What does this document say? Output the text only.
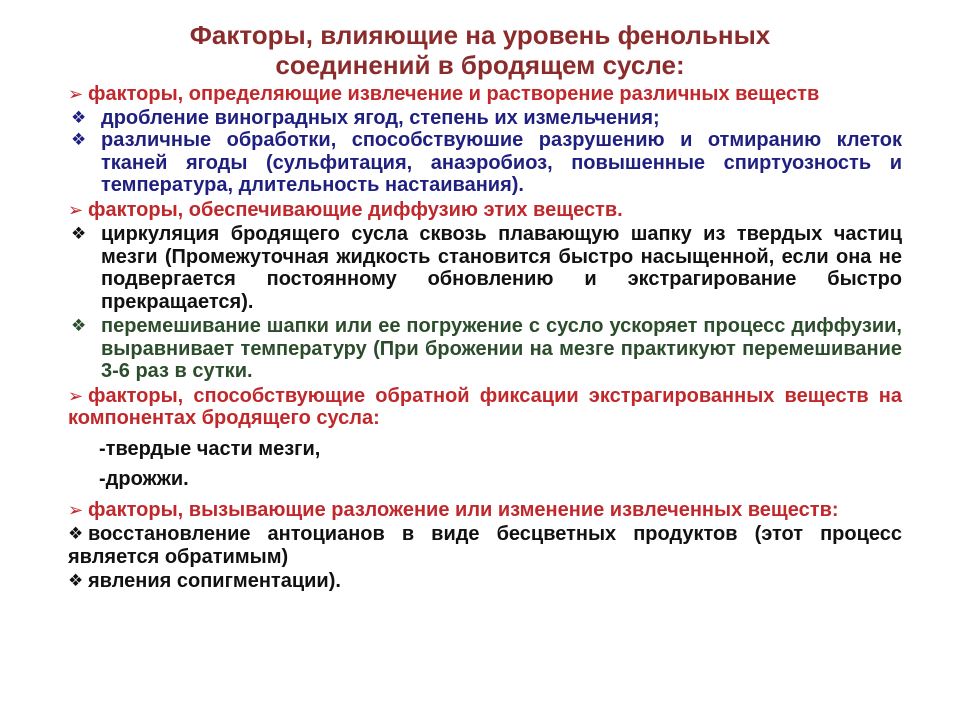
Факторы, влияющие на уровень фенольных
соединений в бродящем сусле:
➢ факторы, определяющие извлечение и растворение различных веществ
❖ дробление виноградных ягод, степень их измельчения;
❖ различные обработки, способствуюшие разрушению и отмиранию клеток тканей ягоды (сульфитация, анаэробиоз, повышенные спиртуозность и температура, длительность настаивания).
➢ факторы, обеспечивающие диффузию этих веществ.
❖ циркуляция бродящего сусла сквозь плавающую шапку из твердых частиц мезги (Промежуточная жидкость становится быстро насыщенной, если она не подвергается постоянному обновлению и экстрагирование быстро прекращается).
❖ перемешивание шапки или ее погружение с сусло ускоряет процесс диффузии, выравнивает температуру (При брожении на мезге практикуют перемешивание 3-6 раз в сутки.
➢ факторы, способствующие обратной фиксации экстрагированных веществ на компонентах бродящего сусла:
-твердые части мезги,
-дрожжи.
➢ факторы, вызывающие разложение или изменение извлеченных веществ:
❖ восстановление антоцианов в виде бесцветных продуктов (этот процесс является обратимым)
❖ явления сопигментации).
